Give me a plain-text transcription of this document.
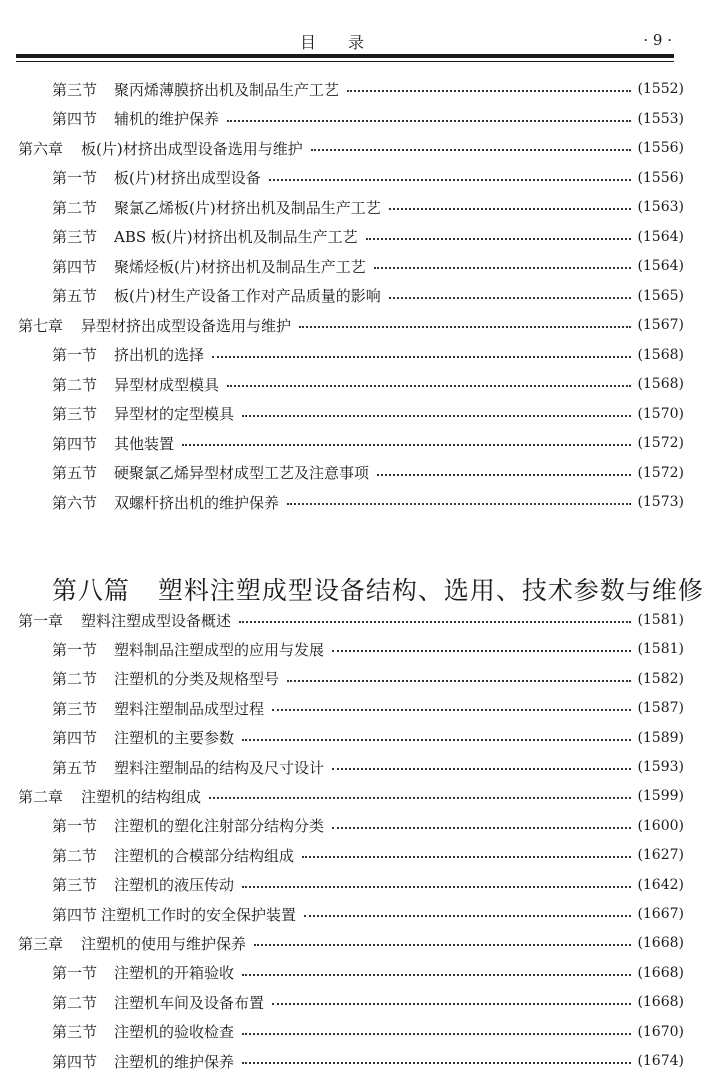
目　　录	· 9 ·
第三节 聚丙烯薄膜挤出机及制品生产工艺	(1552)
第四节 辅机的维护保养	(1553)
第六章 板(片)材挤出成型设备选用与维护	(1556)
第一节 板(片)材挤出成型设备	(1556)
第二节 聚氯乙烯板(片)材挤出机及制品生产工艺	(1563)
第三节 ABS 板(片)材挤出机及制品生产工艺	(1564)
第四节 聚烯烃板(片)材挤出机及制品生产工艺	(1564)
第五节 板(片)材生产设备工作对产品质量的影响	(1565)
第七章 异型材挤出成型设备选用与维护	(1567)
第一节 挤出机的选择	(1568)
第二节 异型材成型模具	(1568)
第三节 异型材的定型模具	(1570)
第四节 其他装置	(1572)
第五节 硬聚氯乙烯异型材成型工艺及注意事项	(1572)
第六节 双螺杆挤出机的维护保养	(1573)
第一章 塑料注塑成型设备概述	(1581)
第一节 塑料制品注塑成型的应用与发展	(1581)
第二节 注塑机的分类及规格型号	(1582)
第三节 塑料注塑制品成型过程	(1587)
第四节 注塑机的主要参数	(1589)
第五节 塑料注塑制品的结构及尺寸设计	(1593)
第二章 注塑机的结构组成	(1599)
第一节 注塑机的塑化注射部分结构分类	(1600)
第二节 注塑机的合模部分结构组成	(1627)
第三节 注塑机的液压传动	(1642)
第四节 注塑机工作时的安全保护装置	(1667)
第三章 注塑机的使用与维护保养	(1668)
第一节 注塑机的开箱验收	(1668)
第二节 注塑机车间及设备布置	(1668)
第三节 注塑机的验收检查	(1670)
第四节 注塑机的维护保养	(1674)

第八篇 塑料注塑成型设备结构、选用、技术参数与维修
